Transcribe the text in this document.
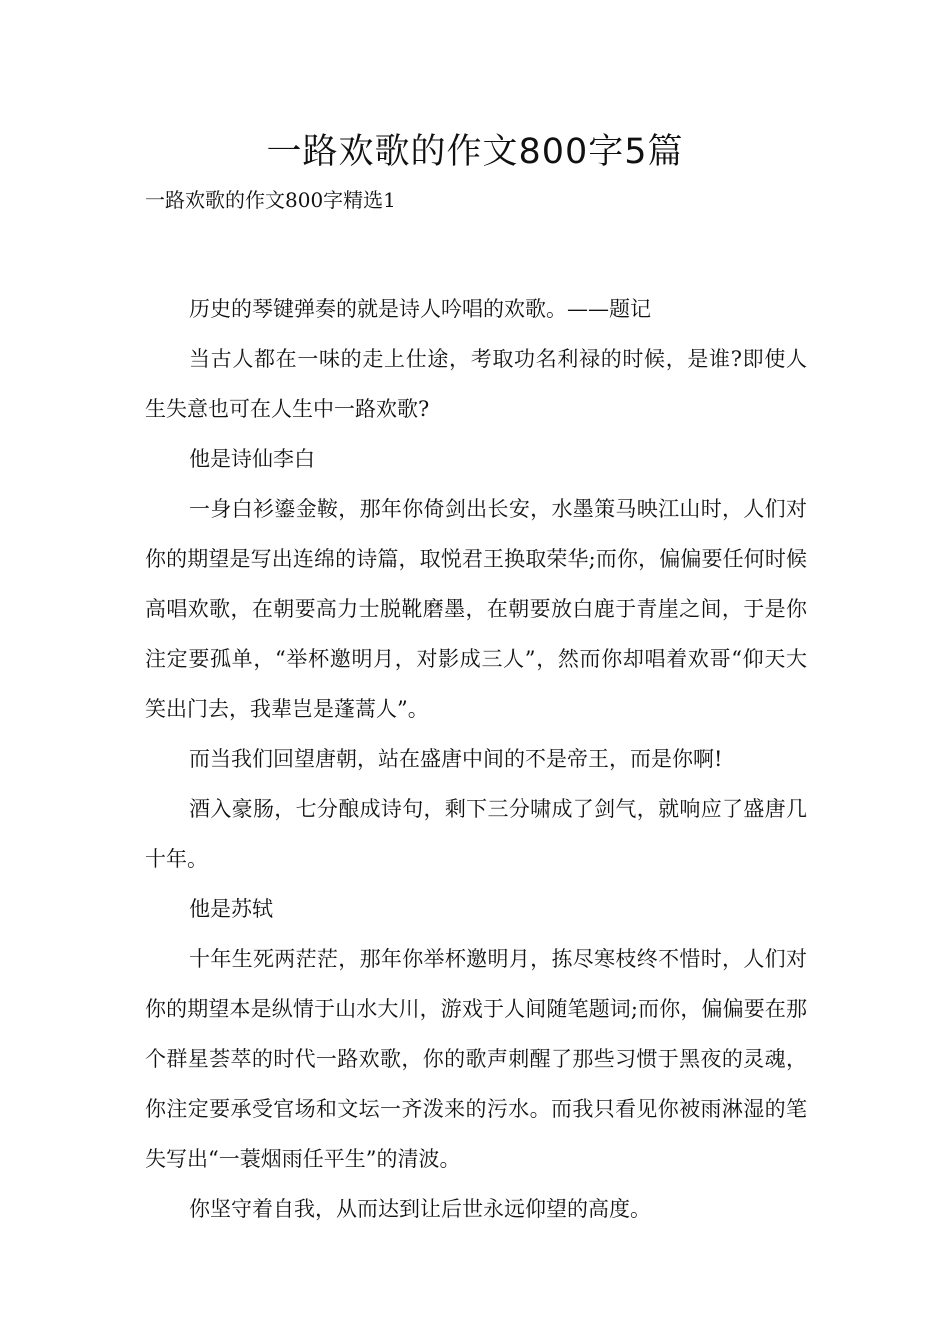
一路欢歌的作文800字5篇

一路欢歌的作文800字精选1

历史的琴键弹奏的就是诗人吟唱的欢歌。——题记

当古人都在一味的走上仕途，考取功名利禄的时候，是谁?即使人生失意也可在人生中一路欢歌?

他是诗仙李白

一身白衫鎏金鞍，那年你倚剑出长安，水墨策马映江山时，人们对你的期望是写出连绵的诗篇，取悦君王换取荣华;而你，偏偏要任何时候高唱欢歌，在朝要高力士脱靴磨墨，在朝要放白鹿于青崖之间，于是你注定要孤单，“举杯邀明月，对影成三人”，然而你却唱着欢哥“仰天大笑出门去，我辈岂是蓬蒿人”。

而当我们回望唐朝，站在盛唐中间的不是帝王，而是你啊!

酒入豪肠，七分酿成诗句，剩下三分啸成了剑气，就响应了盛唐几十年。

他是苏轼

十年生死两茫茫，那年你举杯邀明月，拣尽寒枝终不惜时，人们对你的期望本是纵情于山水大川，游戏于人间随笔题词;而你，偏偏要在那个群星荟萃的时代一路欢歌，你的歌声刺醒了那些习惯于黑夜的灵魂，你注定要承受官场和文坛一齐泼来的污水。而我只看见你被雨淋湿的笔失写出“一蓑烟雨任平生”的清波。

你坚守着自我，从而达到让后世永远仰望的高度。
